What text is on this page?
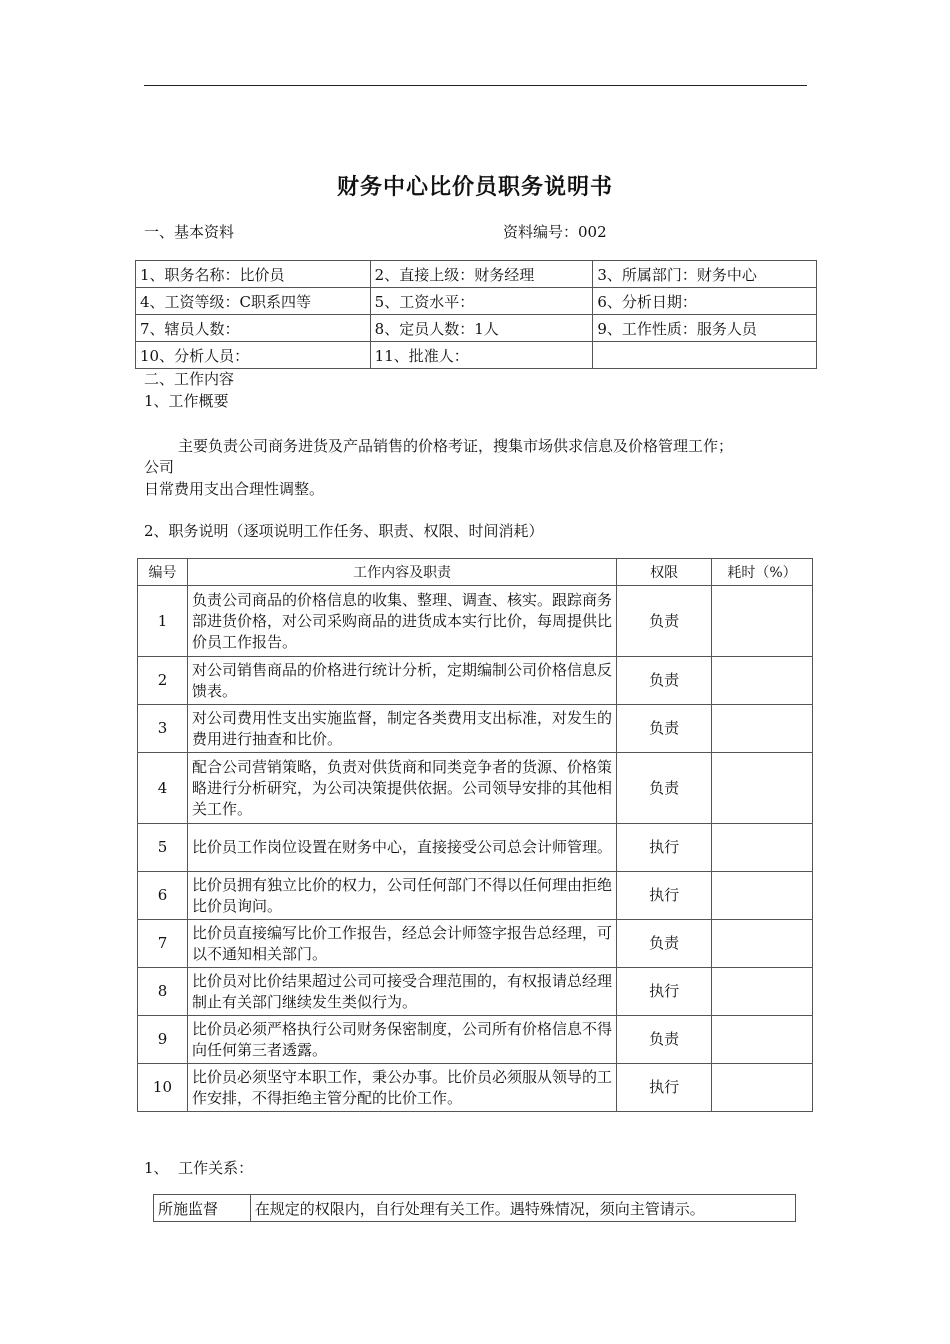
财务中心比价员职务说明书
一、基本资料	资料编号：002
1、职务名称：比价员	2、直接上级：财务经理	3、所属部门：财务中心
4、工资等级：C职系四等	5、工资水平：	6、分析日期：
7、辖员人数：	8、定员人数：1人	9、工作性质：服务人员
10、分析人员：	11、批准人：	
二、工作内容
1、工作概要
主要负责公司商务进货及产品销售的价格考证，搜集市场供求信息及价格管理工作；
公司
日常费用支出合理性调整。
2、职务说明（逐项说明工作任务、职责、权限、时间消耗）
编号	工作内容及职责	权限	耗时（%）
1	负责公司商品的价格信息的收集、整理、调查、核实。跟踪商务部进货价格，对公司采购商品的进货成本实行比价，每周提供比价员工作报告。	负责	
2	对公司销售商品的价格进行统计分析，定期编制公司价格信息反馈表。	负责	
3	对公司费用性支出实施监督，制定各类费用支出标准，对发生的费用进行抽查和比价。	负责	
4	配合公司营销策略，负责对供货商和同类竞争者的货源、价格策略进行分析研究，为公司决策提供依据。公司领导安排的其他相关工作。	负责	
5	比价员工作岗位设置在财务中心，直接接受公司总会计师管理。	执行	
6	比价员拥有独立比价的权力，公司任何部门不得以任何理由拒绝比价员询问。	执行	
7	比价员直接编写比价工作报告，经总会计师签字报告总经理，可以不通知相关部门。	负责	
8	比价员对比价结果超过公司可接受合理范围的，有权报请总经理制止有关部门继续发生类似行为。	执行	
9	比价员必须严格执行公司财务保密制度，公司所有价格信息不得向任何第三者透露。	负责	
10	比价员必须坚守本职工作，秉公办事。比价员必须服从领导的工作安排，不得拒绝主管分配的比价工作。	执行	
1、  工作关系：
所施监督	在规定的权限内，自行处理有关工作。遇特殊情况，须向主管请示。
